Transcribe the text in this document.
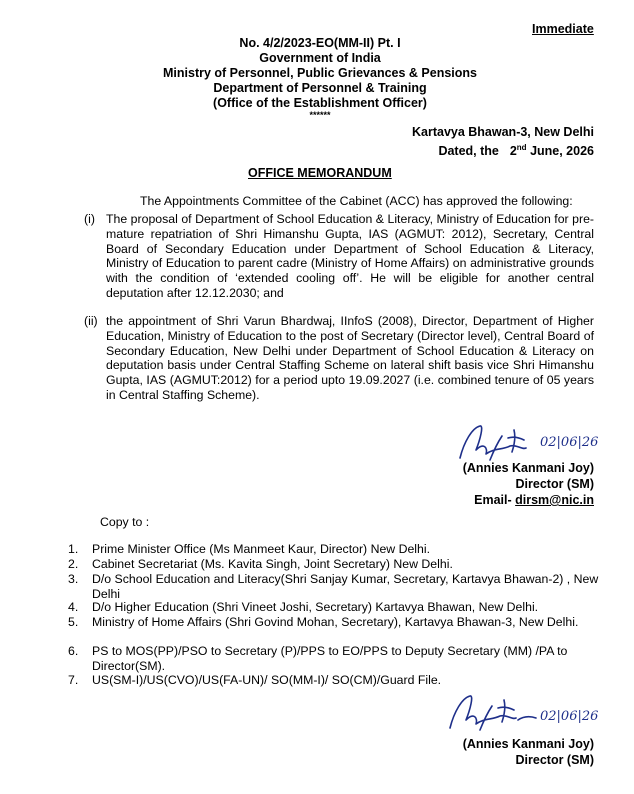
Immediate
No. 4/2/2023-EO(MM-II) Pt. I
Government of India
Ministry of Personnel, Public Grievances & Pensions
Department of Personnel & Training
(Office of the Establishment Officer)
******
Kartavya Bhawan-3, New Delhi
Dated, the 2nd June, 2026
OFFICE MEMORANDUM
The Appointments Committee of the Cabinet (ACC) has approved the following:
(i) The proposal of Department of School Education & Literacy, Ministry of Education for pre-mature repatriation of Shri Himanshu Gupta, IAS (AGMUT: 2012), Secretary, Central Board of Secondary Education under Department of School Education & Literacy, Ministry of Education to parent cadre (Ministry of Home Affairs) on administrative grounds with the condition of ‘extended cooling off’. He will be eligible for another central deputation after 12.12.2030; and
(ii) the appointment of Shri Varun Bhardwaj, IInfoS (2008), Director, Department of Higher Education, Ministry of Education to the post of Secretary (Director level), Central Board of Secondary Education, New Delhi under Department of School Education & Literacy on deputation basis under Central Staffing Scheme on lateral shift basis vice Shri Himanshu Gupta, IAS (AGMUT:2012) for a period upto 19.09.2027 (i.e. combined tenure of 05 years in Central Staffing Scheme).
02|06|26
(Annies Kanmani Joy)
Director (SM)
Email- dirsm@nic.in
Copy to :
1. Prime Minister Office (Ms Manmeet Kaur, Director) New Delhi.
2. Cabinet Secretariat (Ms. Kavita Singh, Joint Secretary) New Delhi.
3. D/o School Education and Literacy(Shri Sanjay Kumar, Secretary, Kartavya Bhawan-2) , New Delhi
4. D/o Higher Education (Shri Vineet Joshi, Secretary) Kartavya Bhawan, New Delhi.
5. Ministry of Home Affairs (Shri Govind Mohan, Secretary), Kartavya Bhawan-3, New Delhi.
6. PS to MOS(PP)/PSO to Secretary (P)/PPS to EO/PPS to Deputy Secretary (MM) /PA to Director(SM).
7. US(SM-I)/US(CVO)/US(FA-UN)/ SO(MM-I)/ SO(CM)/Guard File.
02|06|26
(Annies Kanmani Joy)
Director (SM)
